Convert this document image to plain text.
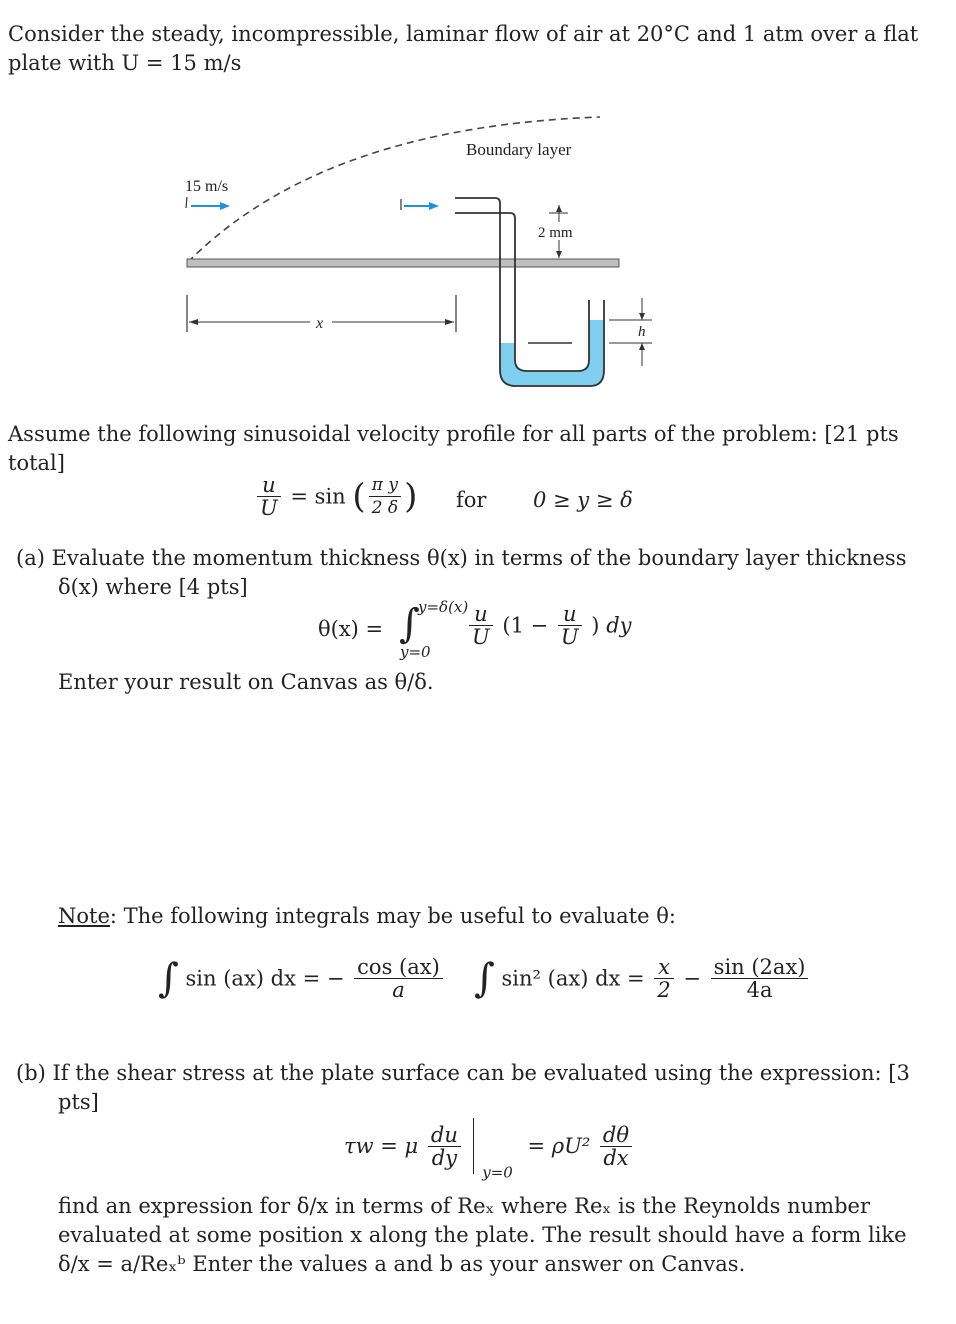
Consider the steady, incompressible, laminar flow of air at 20°C and 1 atm over a flat
plate with U = 15 m/s
Boundary layer
15 m/s
2 mm
x	h
Assume the following sinusoidal velocity profile for all parts of the problem: [21 pts
total]
$\frac{u}{U} = \sin$ ( $\frac{\text{π y}}{2 \delta}$ ) for 0 ≥ y ≥ δ
(a) Evaluate the momentum thickness θ(x) in terms of the boundary layer thickness
δ(x) where [4 pts]
θ(x) = ∫
y=δ(x)
y=0
$\frac{u}{U} (1 - \frac{u}{U}$ ) dy
Enter your result on Canvas as θ/δ.
Note: The following integrals may be useful to evaluate θ:
∫ sin (ax) dx = − $\frac{\cos (ax)}{a}$ ∫ sin² (ax) dx = $\frac{x}{2} - \frac{\sin (2ax)}{4a}$
(b) If the shear stress at the plate surface can be evaluated using the expression: [3
pts]
τw = μ $\frac{du}{dy}$
$_{y=0} = \rho U^2 \frac{d\theta}{dx}$
find an expression for δ/x in terms of Reₓ where Reₓ is the Reynolds number
evaluated at some position x along the plate. The result should have a form like
δ/x = a/Reₓᵇ Enter the values a and b as your answer on Canvas.
